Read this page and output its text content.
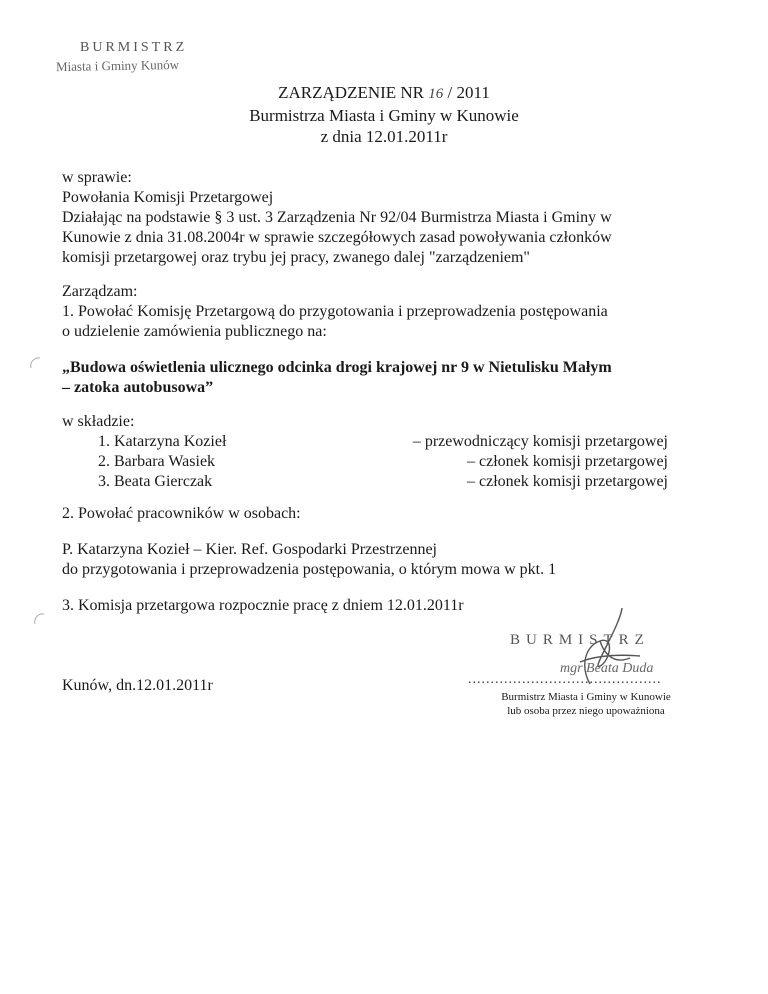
BURMISTRZ
Miasta i Gminy Kunów
ZARZĄDZENIE NR 16 / 2011
Burmistrza Miasta i Gminy w Kunowie
z dnia 12.01.2011r
w sprawie:
Powołania Komisji Przetargowej
Działając na podstawie § 3 ust. 3 Zarządzenia Nr 92/04 Burmistrza Miasta i Gminy w
Kunowie z dnia 31.08.2004r w sprawie szczegółowych zasad powoływania członków
komisji przetargowej oraz trybu jej pracy, zwanego dalej "zarządzeniem"
Zarządzam:
1. Powołać Komisję Przetargową do przygotowania i przeprowadzenia postępowania
o udzielenie zamówienia publicznego na:
„Budowa oświetlenia ulicznego odcinka drogi krajowej nr 9 w Nietulisku Małym
– zatoka autobusowa”
w składzie:
1. Katarzyna Kozieł
2. Barbara Wasiek
3. Beata Gierczak
– przewodniczący komisji przetargowej
– członek komisji przetargowej
– członek komisji przetargowej
2. Powołać pracowników w osobach:
P. Katarzyna Kozieł – Kier. Ref. Gospodarki Przestrzennej
do przygotowania i przeprowadzenia postępowania, o którym mowa w pkt. 1
3. Komisja przetargowa rozpocznie pracę z dniem 12.01.2011r
Kunów, dn.12.01.2011r
BURMISTRZ
mgr Beata Duda
...........................................
Burmistrz Miasta i Gminy w Kunowie
lub osoba przez niego upoważniona
